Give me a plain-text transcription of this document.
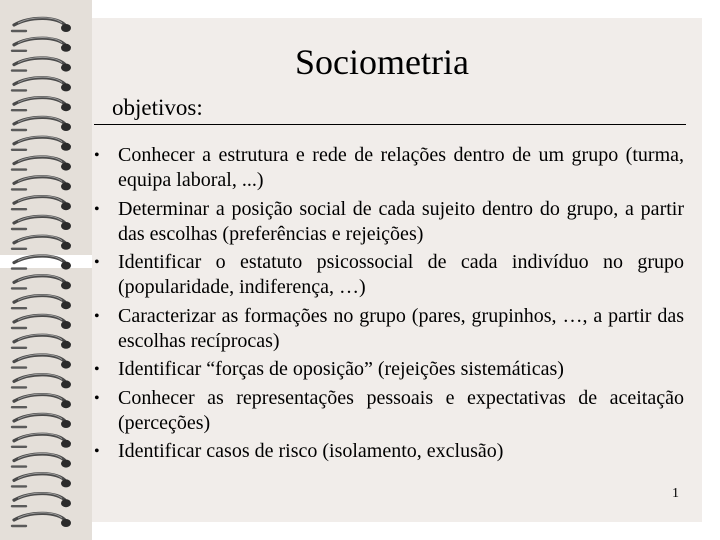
Sociometria
objetivos:
• Conhecer a estrutura e rede de relações dentro de um grupo (turma, equipa laboral, ...)
• Determinar a posição social de cada sujeito dentro do grupo, a partir das escolhas (preferências e rejeições)
• Identificar o estatuto psicossocial de cada indivíduo no grupo (popularidade, indiferença, …)
• Caracterizar as formações no grupo (pares, grupinhos, …, a partir das escolhas recíprocas)
• Identificar “forças de oposição” (rejeições sistemáticas)
• Conhecer as representações pessoais e expectativas de aceitação (perceções)
• Identificar casos de risco (isolamento, exclusão)
1
